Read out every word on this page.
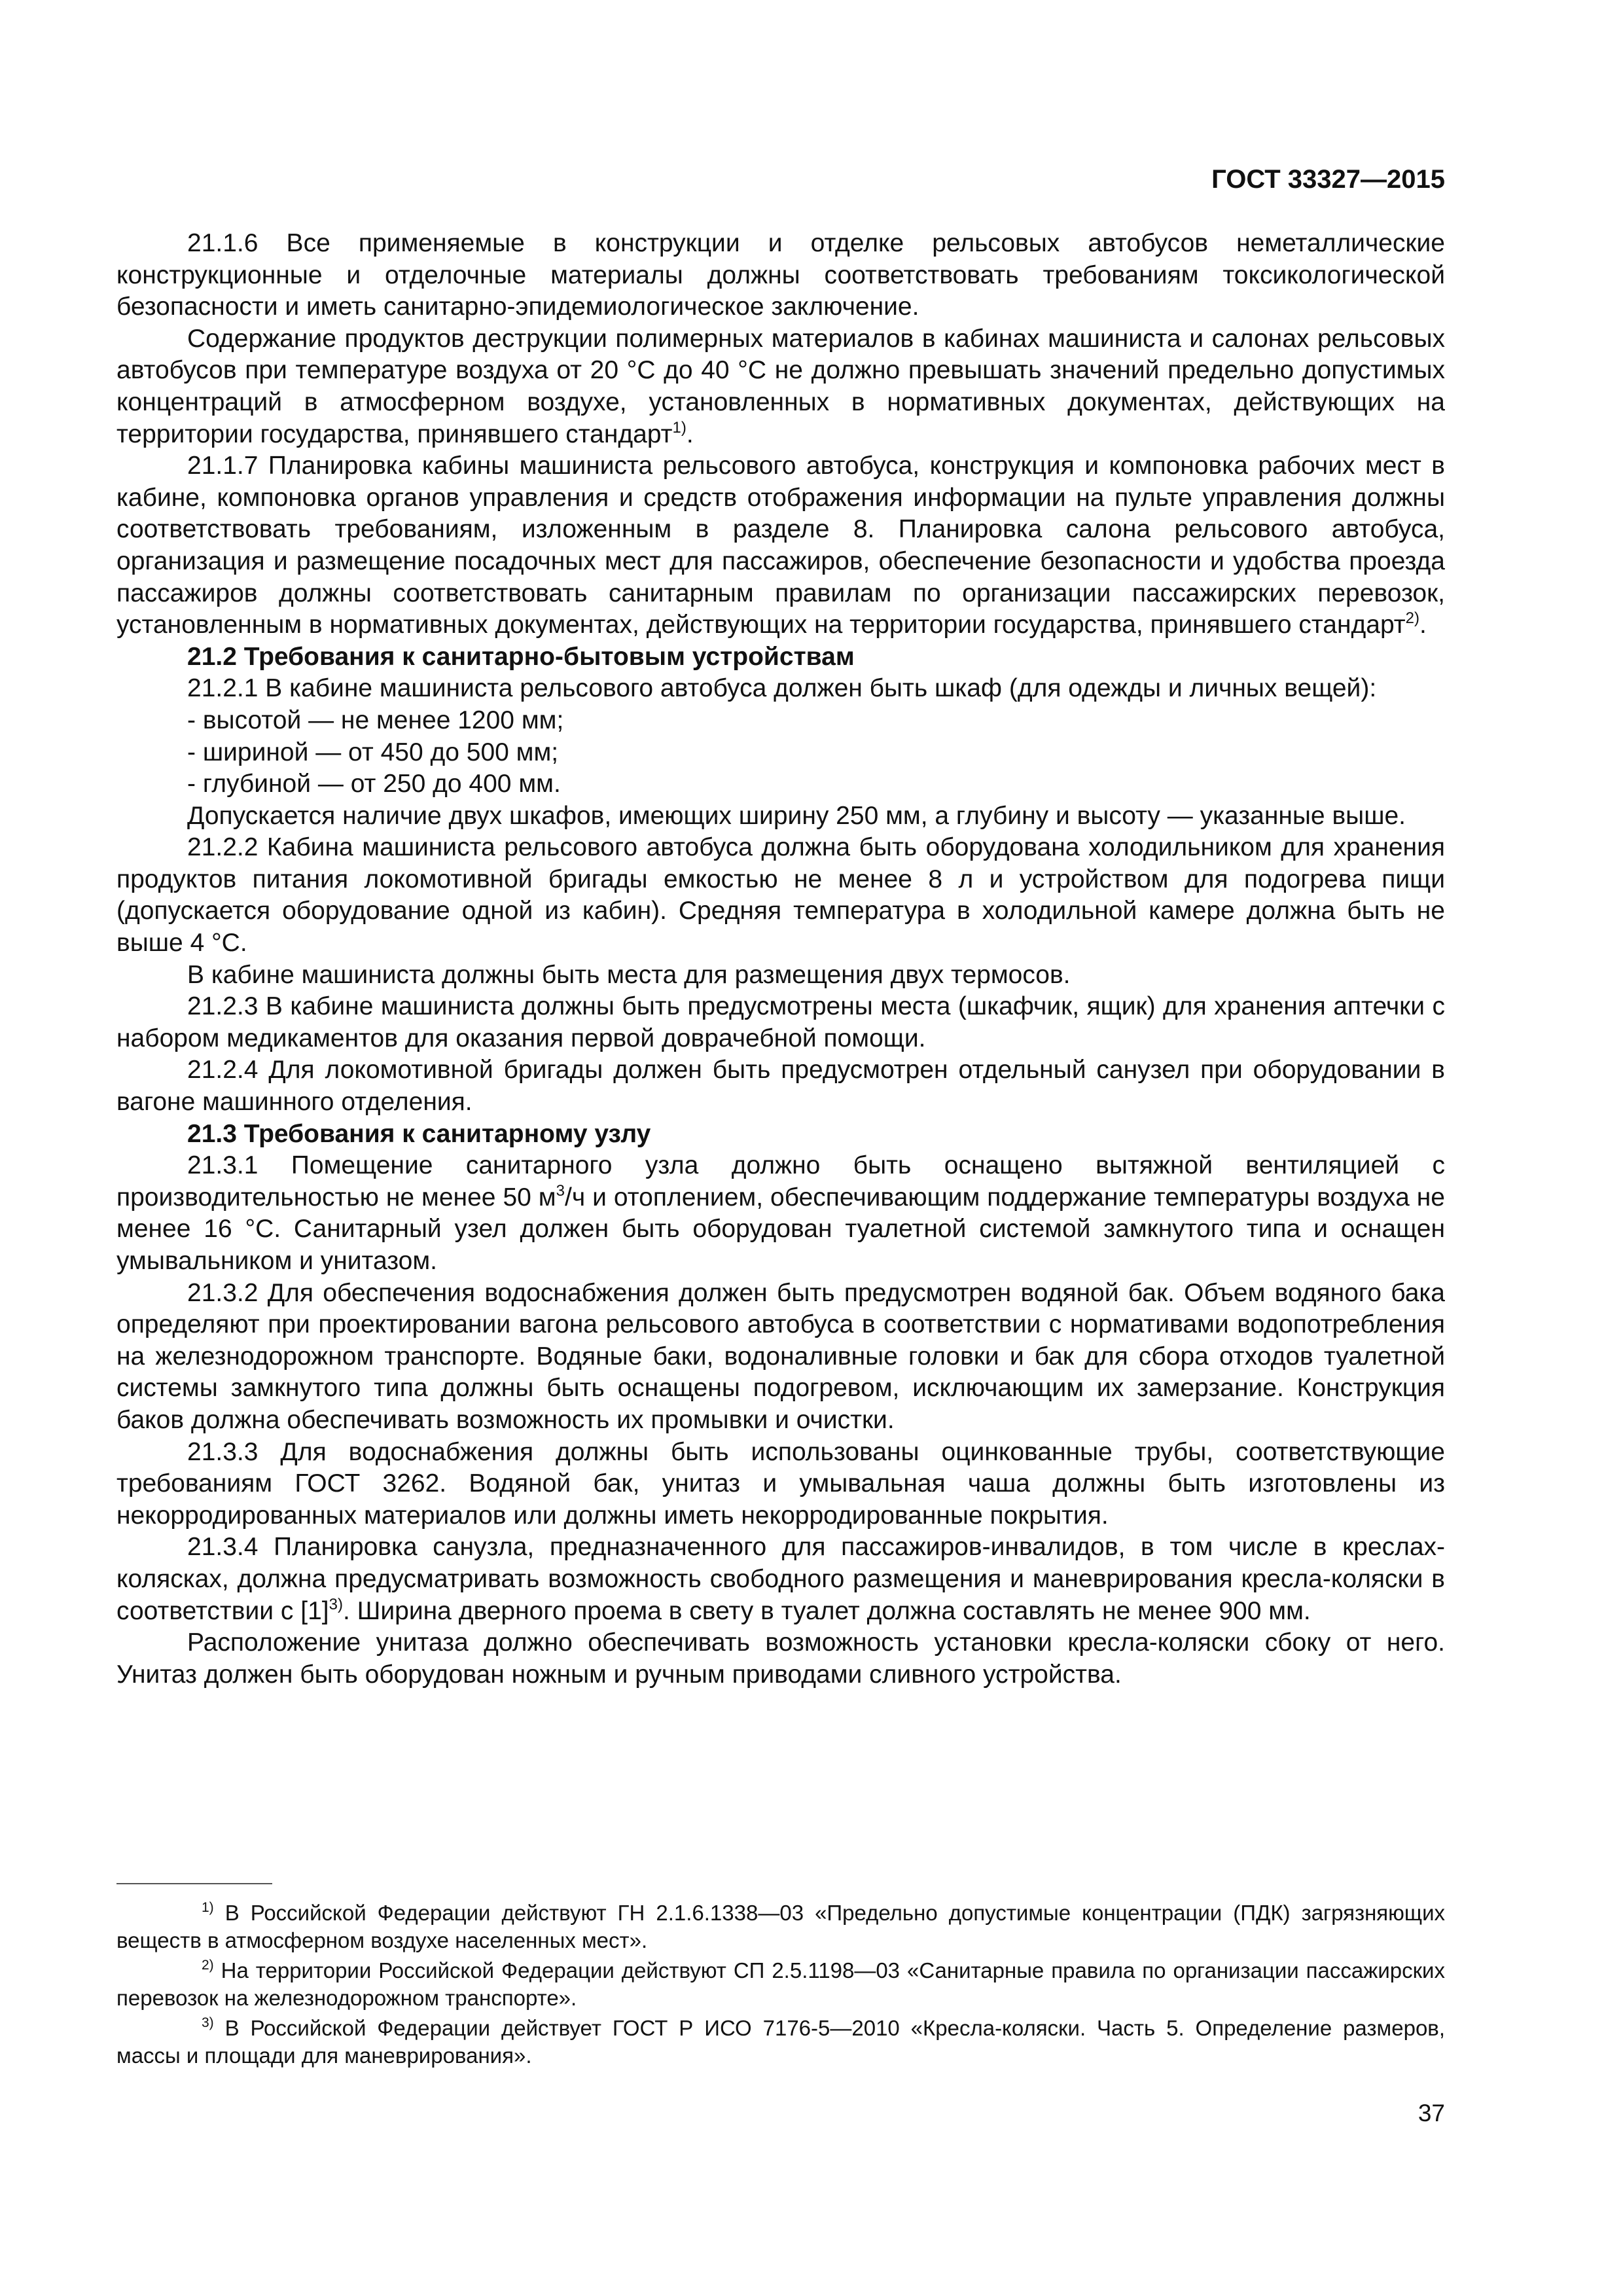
ГОСТ 33327—2015

21.1.6 Все применяемые в конструкции и отделке рельсовых автобусов неметаллические конструкционные и отделочные материалы должны соответствовать требованиям токсикологической безопасности и иметь санитарно-эпидемиологическое заключение.

Содержание продуктов деструкции полимерных материалов в кабинах машиниста и салонах рельсовых автобусов при температуре воздуха от 20 °С до 40 °С не должно превышать значений предельно допустимых концентраций в атмосферном воздухе, установленных в нормативных документах, действующих на территории государства, принявшего стандарт$^{1)}$.

21.1.7 Планировка кабины машиниста рельсового автобуса, конструкция и компоновка рабочих мест в кабине, компоновка органов управления и средств отображения информации на пульте управления должны соответствовать требованиям, изложенным в разделе 8. Планировка салона рельсового автобуса, организация и размещение посадочных мест для пассажиров, обеспечение безопасности и удобства проезда пассажиров должны соответствовать санитарным правилам по организации пассажирских перевозок, установленным в нормативных документах, действующих на территории государства, принявшего стандарт$^{2)}$.

21.2 Требования к санитарно-бытовым устройствам

21.2.1 В кабине машиниста рельсового автобуса должен быть шкаф (для одежды и личных вещей):

- высотой — не менее 1200 мм;

- шириной — от 450 до 500 мм;

- глубиной — от 250 до 400 мм.

Допускается наличие двух шкафов, имеющих ширину 250 мм, а глубину и высоту — указанные выше.

21.2.2 Кабина машиниста рельсового автобуса должна быть оборудована холодильником для хранения продуктов питания локомотивной бригады емкостью не менее 8 л и устройством для подогрева пищи (допускается оборудование одной из кабин). Средняя температура в холодильной камере должна быть не выше 4 °С.

В кабине машиниста должны быть места для размещения двух термосов.

21.2.3 В кабине машиниста должны быть предусмотрены места (шкафчик, ящик) для хранения аптечки с набором медикаментов для оказания первой доврачебной помощи.

21.2.4 Для локомотивной бригады должен быть предусмотрен отдельный санузел при оборудовании в вагоне машинного отделения.

21.3 Требования к санитарному узлу

21.3.1 Помещение санитарного узла должно быть оснащено вытяжной вентиляцией с производительностью не менее 50 $м^3/ч$ и отоплением, обеспечивающим поддержание температуры воздуха не менее 16 °С. Санитарный узел должен быть оборудован туалетной системой замкнутого типа и оснащен умывальником и унитазом.

21.3.2 Для обеспечения водоснабжения должен быть предусмотрен водяной бак. Объем водяного бака определяют при проектировании вагона рельсового автобуса в соответствии с нормативами водопотребления на железнодорожном транспорте. Водяные баки, водоналивные головки и бак для сбора отходов туалетной системы замкнутого типа должны быть оснащены подогревом, исключающим их замерзание. Конструкция баков должна обеспечивать возможность их промывки и очистки.

21.3.3 Для водоснабжения должны быть использованы оцинкованные трубы, соответствующие требованиям ГОСТ 3262. Водяной бак, унитаз и умывальная чаша должны быть изготовлены из некорродированных материалов или должны иметь некорродированные покрытия.

21.3.4 Планировка санузла, предназначенного для пассажиров-инвалидов, в том числе в креслах-колясках, должна предусматривать возможность свободного размещения и маневрирования кресла-коляски в соответствии с $[1]^{3)}$. Ширина дверного проема в свету в туалет должна составлять не менее 900 мм.

Расположение унитаза должно обеспечивать возможность установки кресла-коляски сбоку от него. Унитаз должен быть оборудован ножным и ручным приводами сливного устройства.

$^{1)}$ В Российской Федерации действуют ГН 2.1.6.1338—03 «Предельно допустимые концентрации (ПДК) загрязняющих веществ в атмосферном воздухе населенных мест».

$^{2)}$ На территории Российской Федерации действуют СП 2.5.1198—03 «Санитарные правила по организации пассажирских перевозок на железнодорожном транспорте».

$^{3)}$ В Российской Федерации действует ГОСТ Р ИСО 7176-5—2010 «Кресла-коляски. Часть 5. Определение размеров, массы и площади для маневрирования».

37
